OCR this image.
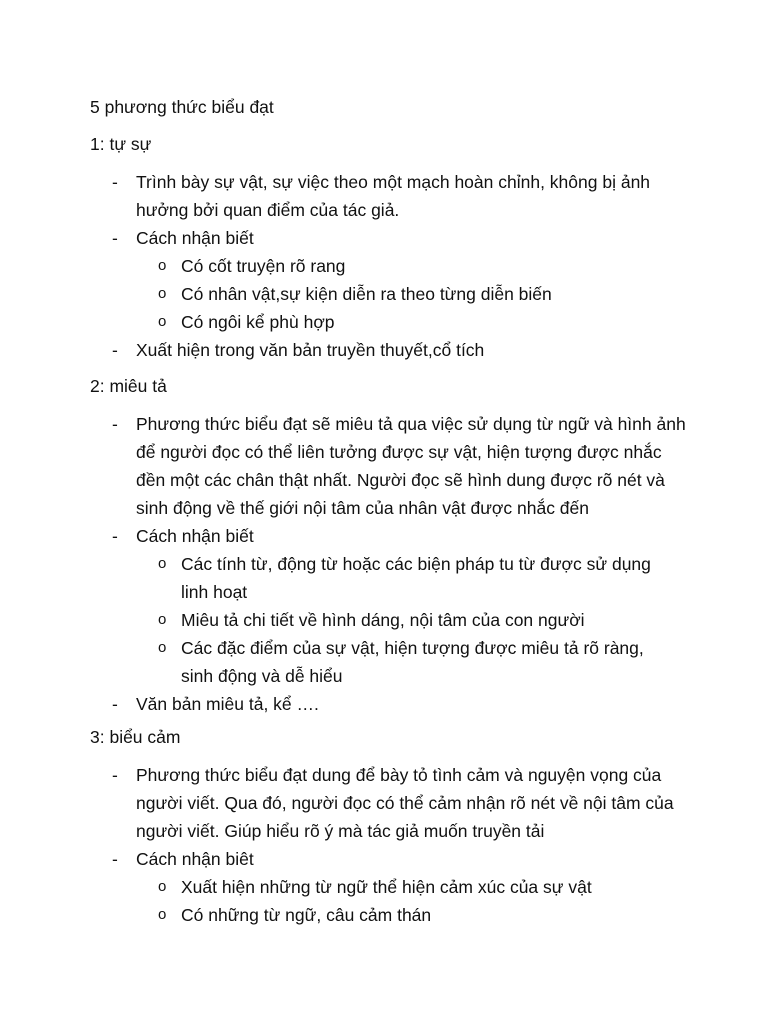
5 phương thức biểu đạt
1: tự sự
- Trình bày sự vật, sự việc theo một mạch hoàn chỉnh, không bị ảnh hưởng bởi quan điểm của tác giả.
- Cách nhận biết
o Có cốt truyện rõ rang
o Có nhân vật,sự kiện diễn ra theo từng diễn biến
o Có ngôi kể phù hợp
- Xuất hiện trong văn bản truyền thuyết,cổ tích
2: miêu tả
- Phương thức biểu đạt sẽ miêu tả qua việc sử dụng từ ngữ và hình ảnh để người đọc có thể liên tưởng được sự vật, hiện tượng được nhắc đền một các chân thật nhất. Người đọc sẽ hình dung được rõ nét và sinh động về thế giới nội tâm của nhân vật được nhắc đến
- Cách nhận biết
o Các tính từ, động từ hoặc các biện pháp tu từ được sử dụng linh hoạt
o Miêu tả chi tiết về hình dáng, nội tâm của con người
o Các đặc điểm của sự vật, hiện tượng được miêu tả rõ ràng, sinh động và dễ hiểu
- Văn bản miêu tả, kể ….
3: biểu cảm
- Phương thức biểu đạt dung để bày tỏ tình cảm và nguyện vọng của người viết. Qua đó, người đọc có thể cảm nhận rõ nét về nội tâm của người viết. Giúp hiểu rõ ý mà tác giả muốn truyền tải
- Cách nhận biêt
o Xuất hiện những từ ngữ thể hiện cảm xúc của sự vật
o Có những từ ngữ, câu cảm thán
